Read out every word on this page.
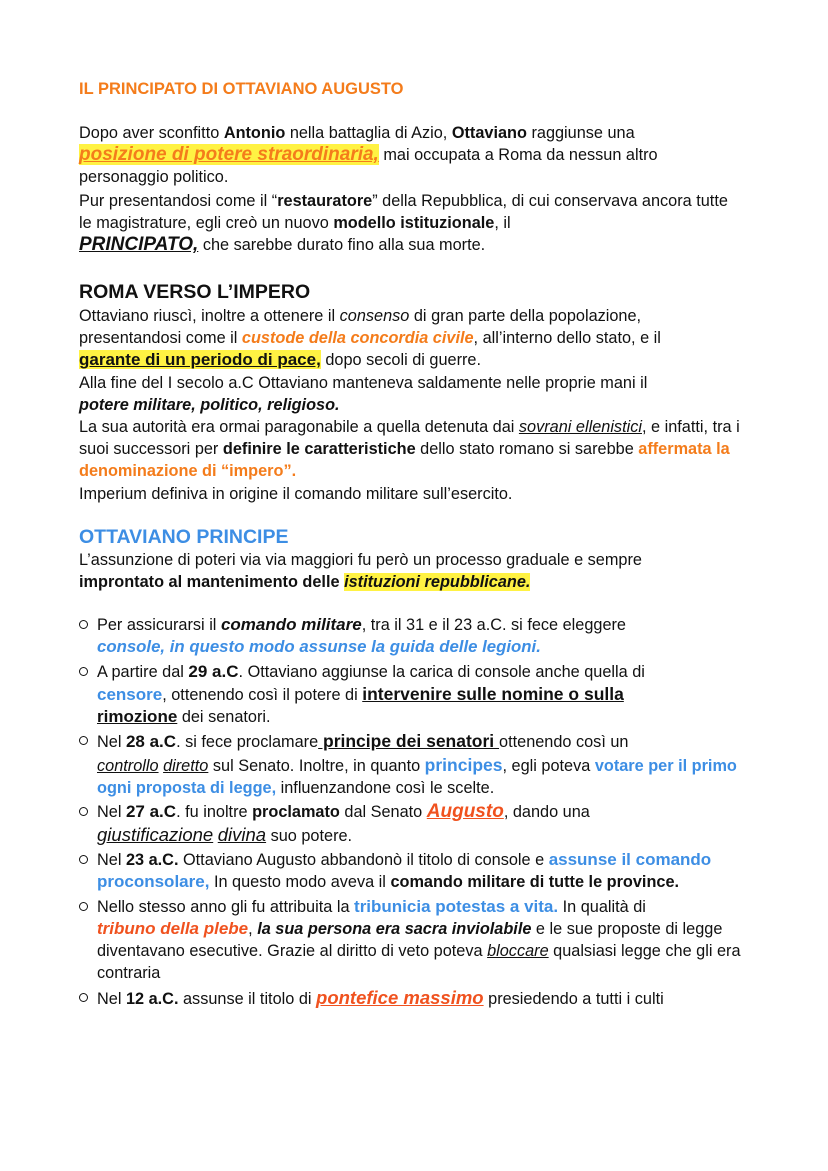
IL PRINCIPATO DI OTTAVIANO AUGUSTO
Dopo aver sconfitto Antonio nella battaglia di Azio, Ottaviano raggiunse una
posizione di potere straordinaria, mai occupata a Roma da nessun altro personaggio politico.
Pur presentandosi come il “restauratore” della Repubblica, di cui conservava ancora tutte le magistrature, egli creò un nuovo modello istituzionale, il
PRINCIPATO, che sarebbe durato fino alla sua morte.
ROMA VERSO L’IMPERO
Ottaviano riuscì, inoltre a ottenere il consenso di gran parte della popolazione, presentandosi come il custode della concordia civile, all’interno dello stato, e il
garante di un periodo di pace, dopo secoli di guerre.
Alla fine del I secolo a.C Ottaviano manteneva saldamente nelle proprie mani il
potere militare, politico, religioso.
La sua autorità era ormai paragonabile a quella detenuta dai sovrani ellenistici, e infatti, tra i suoi successori per definire le caratteristiche dello stato romano si sarebbe affermata la denominazione di “impero”.
Imperium definiva in origine il comando militare sull’esercito.
OTTAVIANO PRINCIPE
L’assunzione di poteri via via maggiori fu però un processo graduale e sempre
improntato al mantenimento delle istituzioni repubblicane.
Per assicurarsi il comando militare, tra il 31 e il 23 a.C. si fece eleggere
console, in questo modo assunse la guida delle legioni.
A partire dal 29 a.C. Ottaviano aggiunse la carica di console anche quella di
censore, ottenendo così il potere di intervenire sulle nomine o sulla
rimozione dei senatori.
Nel 28 a.C. si fece proclamare principe dei senatori ottenendo così un
controllo diretto sul Senato. Inoltre, in quanto principes, egli poteva votare per il primo ogni proposta di legge, influenzandone così le scelte.
Nel 27 a.C. fu inoltre proclamato dal Senato Augusto, dando una
giustificazione divina suo potere.
Nel 23 a.C. Ottaviano Augusto abbandonò il titolo di console e assunse il comando proconsolare, In questo modo aveva il comando militare di tutte le province.
Nello stesso anno gli fu attribuita la tribunicia potestas a vita. In qualità di
tribuno della plebe, la sua persona era sacra inviolabile e le sue proposte di legge diventavano esecutive. Grazie al diritto di veto poteva bloccare qualsiasi legge che gli era contraria
Nel 12 a.C. assunse il titolo di pontefice massimo presiedendo a tutti i culti
